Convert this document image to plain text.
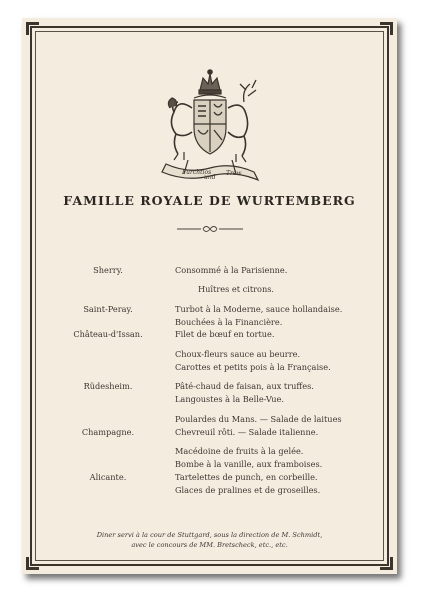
Furchtlos
und
Trew
FAMILLE ROYALE DE WURTEMBERG
Sherry.	Consommé à la Parisienne.
Huîtres et citrons.
Saint-Peray.	Turbot à la Moderne, sauce hollandaise.
Bouchées à la Financière.
Château-d'Issan.	Filet de bœuf en tortue.
Choux-fleurs sauce au beurre.
Carottes et petits pois à la Française.
Rüdesheim.	Pâté-chaud de faisan, aux truffes.
Langoustes à la Belle-Vue.
Poulardes du Mans. — Salade de laitues
Champagne.	Chevreuil rôti. — Salade italienne.
Macédoine de fruits à la gelée.
Bombe à la vanille, aux framboises.
Alicante.	Tartelettes de punch, en corbeille.
Glaces de pralines et de groseilles.
Diner servi à la cour de Stuttgard, sous la direction de M. Schmidt,
avec le concours de MM. Bretscheck, etc., etc.
